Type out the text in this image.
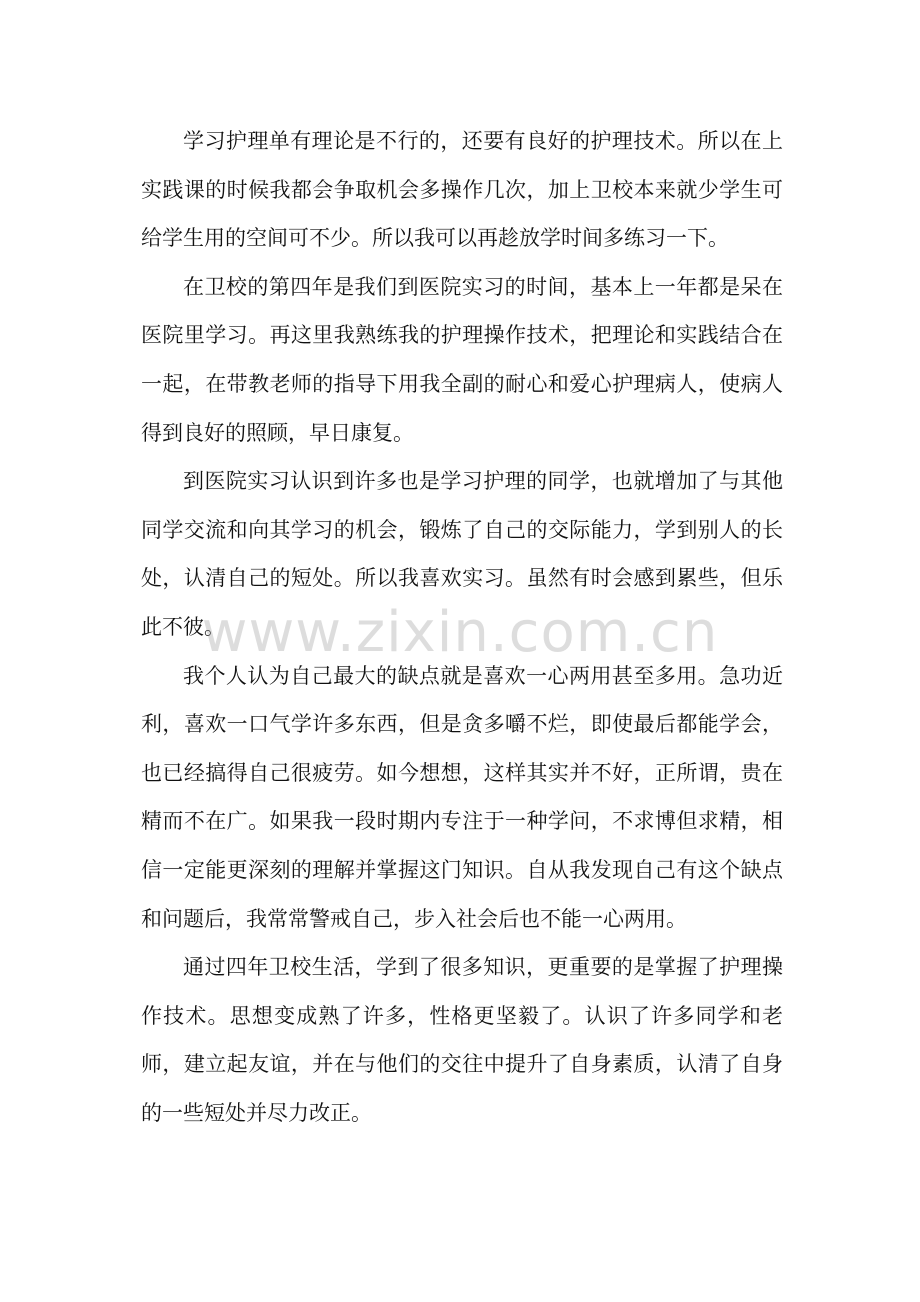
学习护理单有理论是不行的，还要有良好的护理技术。所以在上实践课的时候我都会争取机会多操作几次，加上卫校本来就少学生可给学生用的空间可不少。所以我可以再趁放学时间多练习一下。

在卫校的第四年是我们到医院实习的时间，基本上一年都是呆在医院里学习。再这里我熟练我的护理操作技术，把理论和实践结合在一起，在带教老师的指导下用我全副的耐心和爱心护理病人，使病人得到良好的照顾，早日康复。

到医院实习认识到许多也是学习护理的同学，也就增加了与其他同学交流和向其学习的机会，锻炼了自己的交际能力，学到别人的长处，认清自己的短处。所以我喜欢实习。虽然有时会感到累些，但乐此不彼。

我个人认为自己最大的缺点就是喜欢一心两用甚至多用。急功近利，喜欢一口气学许多东西，但是贪多嚼不烂，即使最后都能学会，也已经搞得自己很疲劳。如今想想，这样其实并不好，正所谓，贵在精而不在广。如果我一段时期内专注于一种学问，不求博但求精，相信一定能更深刻的理解并掌握这门知识。自从我发现自己有这个缺点和问题后，我常常警戒自己，步入社会后也不能一心两用。

通过四年卫校生活，学到了很多知识，更重要的是掌握了护理操作技术。思想变成熟了许多，性格更坚毅了。认识了许多同学和老师，建立起友谊，并在与他们的交往中提升了自身素质，认清了自身的一些短处并尽力改正。

www.zixin.com.cn
